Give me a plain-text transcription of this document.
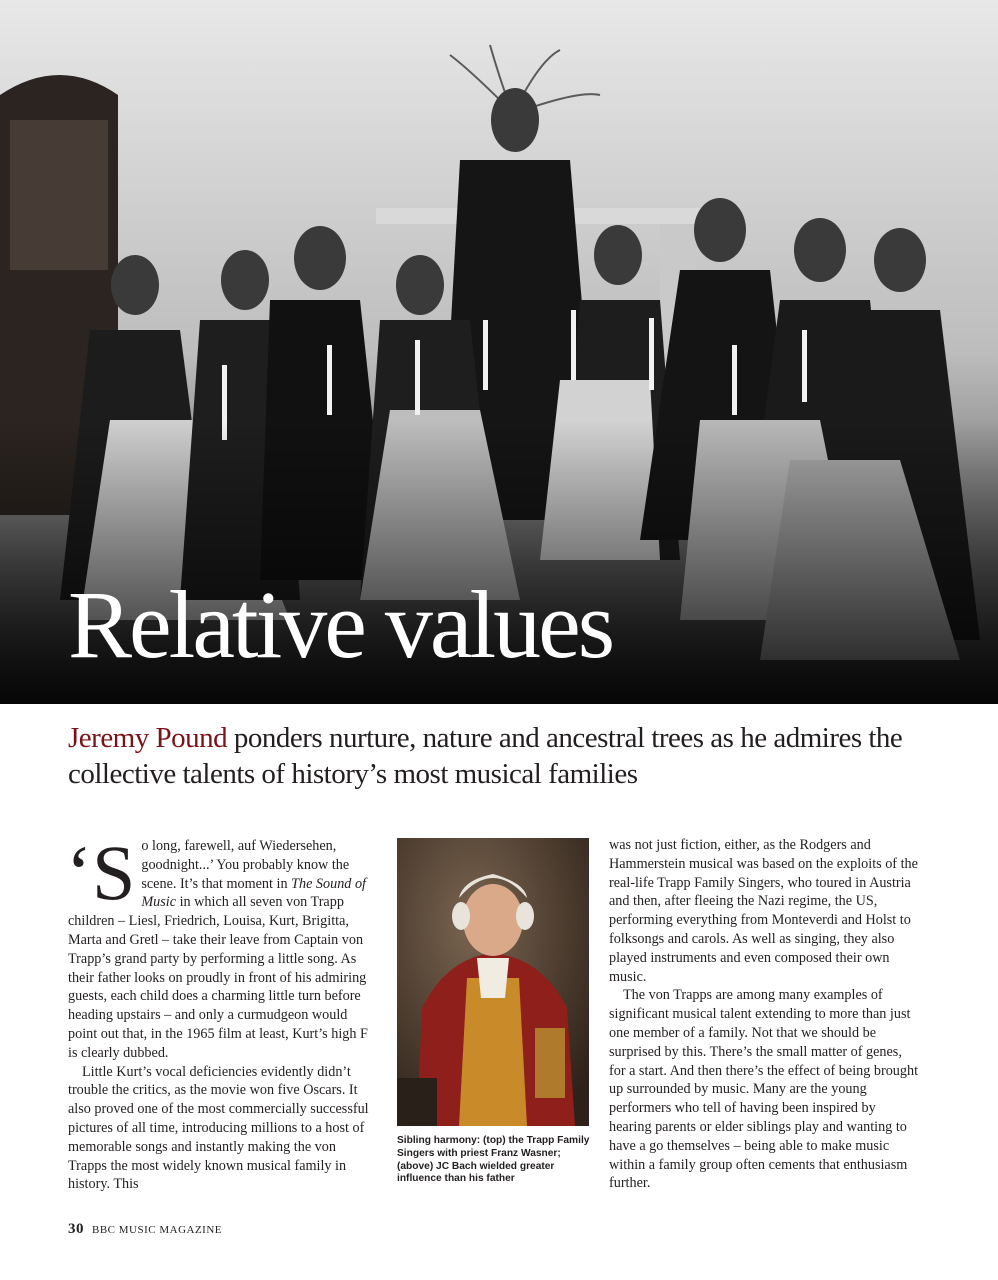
Relative values

Jeremy Pound ponders nurture, nature and ancestral trees as he admires the collective talents of history’s most musical families

‘So long, farewell, auf Wiedersehen, goodnight...’ You probably know the scene. It’s that moment in The Sound of Music in which all seven von Trapp children – Liesl, Friedrich, Louisa, Kurt, Brigitta, Marta and Gretl – take their leave from Captain von Trapp’s grand party by performing a little song. As their father looks on proudly in front of his admiring guests, each child does a charming little turn before heading upstairs – and only a curmudgeon would point out that, in the 1965 film at least, Kurt’s high F is clearly dubbed.

Little Kurt’s vocal deficiencies evidently didn’t trouble the critics, as the movie won five Oscars. It also proved one of the most commercially successful pictures of all time, introducing millions to a host of memorable songs and instantly making the von Trapps the most widely known musical family in history. This

Sibling harmony: (top) the Trapp Family Singers with priest Franz Wasner; (above) JC Bach wielded greater influence than his father

was not just fiction, either, as the Rodgers and Hammerstein musical was based on the exploits of the real-life Trapp Family Singers, who toured in Austria and then, after fleeing the Nazi regime, the US, performing everything from Monteverdi and Holst to folksongs and carols. As well as singing, they also played instruments and even composed their own music.

The von Trapps are among many examples of significant musical talent extending to more than just one member of a family. Not that we should be surprised by this. There’s the small matter of genes, for a start. And then there’s the effect of being brought up surrounded by music. Many are the young performers who tell of having been inspired by hearing parents or elder siblings play and wanting to have a go themselves – being able to make music within a family group often cements that enthusiasm further.

30 BBC MUSIC MAGAZINE
